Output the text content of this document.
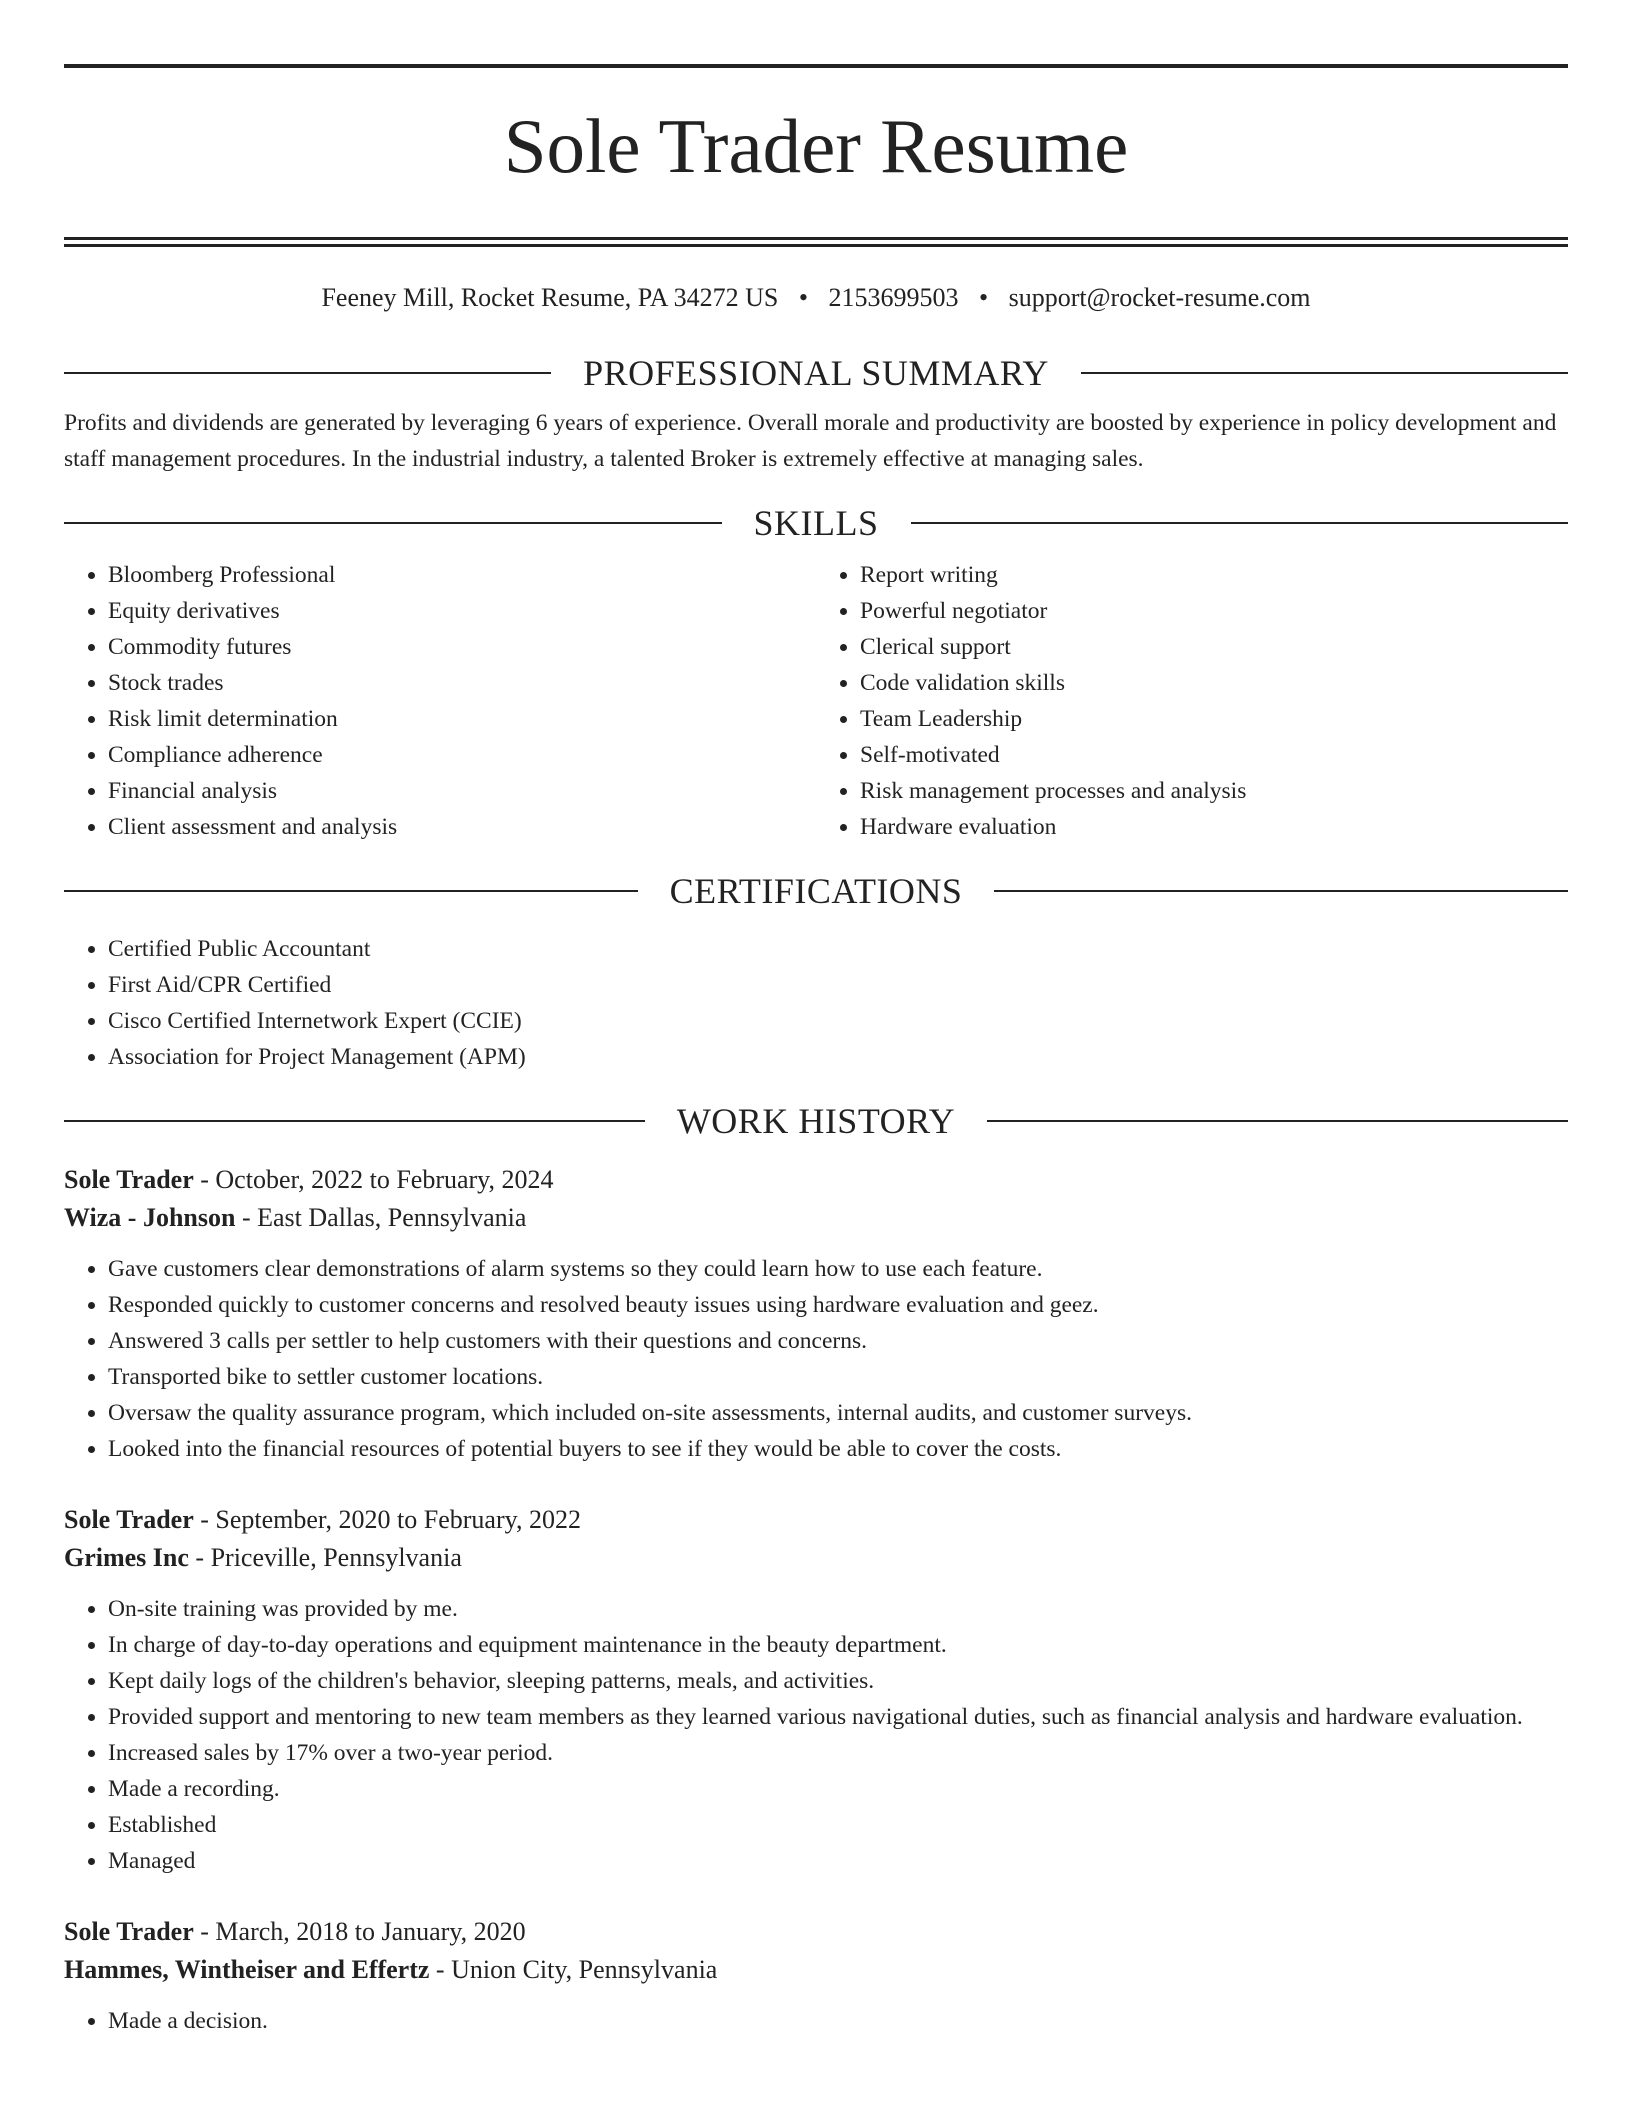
Sole Trader Resume
Feeney Mill, Rocket Resume, PA 34272 US • 2153699503 • support@rocket-resume.com
PROFESSIONAL SUMMARY

Profits and dividends are generated by leveraging 6 years of experience. Overall morale and productivity are boosted by experience in policy development and staff management procedures. In the industrial industry, a talented Broker is extremely effective at managing sales.

SKILLS
• Bloomberg Professional
• Equity derivatives
• Commodity futures
• Stock trades
• Risk limit determination
• Compliance adherence
• Financial analysis
• Client assessment and analysis
• Report writing
• Powerful negotiator
• Clerical support
• Code validation skills
• Team Leadership
• Self-motivated
• Risk management processes and analysis
• Hardware evaluation
CERTIFICATIONS
• Certified Public Accountant
• First Aid/CPR Certified
• Cisco Certified Internetwork Expert (CCIE)
• Association for Project Management (APM)
WORK HISTORY
Sole Trader - October, 2022 to February, 2024
Wiza - Johnson - East Dallas, Pennsylvania
• Gave customers clear demonstrations of alarm systems so they could learn how to use each feature.
• Responded quickly to customer concerns and resolved beauty issues using hardware evaluation and geez.
• Answered 3 calls per settler to help customers with their questions and concerns.
• Transported bike to settler customer locations.
• Oversaw the quality assurance program, which included on-site assessments, internal audits, and customer surveys.
• Looked into the financial resources of potential buyers to see if they would be able to cover the costs.
Sole Trader - September, 2020 to February, 2022
Grimes Inc - Priceville, Pennsylvania
• On-site training was provided by me.
• In charge of day-to-day operations and equipment maintenance in the beauty department.
• Kept daily logs of the children's behavior, sleeping patterns, meals, and activities.
• Provided support and mentoring to new team members as they learned various navigational duties, such as financial analysis and hardware evaluation.
• Increased sales by 17% over a two-year period.
• Made a recording.
• Established
• Managed
Sole Trader - March, 2018 to January, 2020
Hammes, Wintheiser and Effertz - Union City, Pennsylvania
• Made a decision.
